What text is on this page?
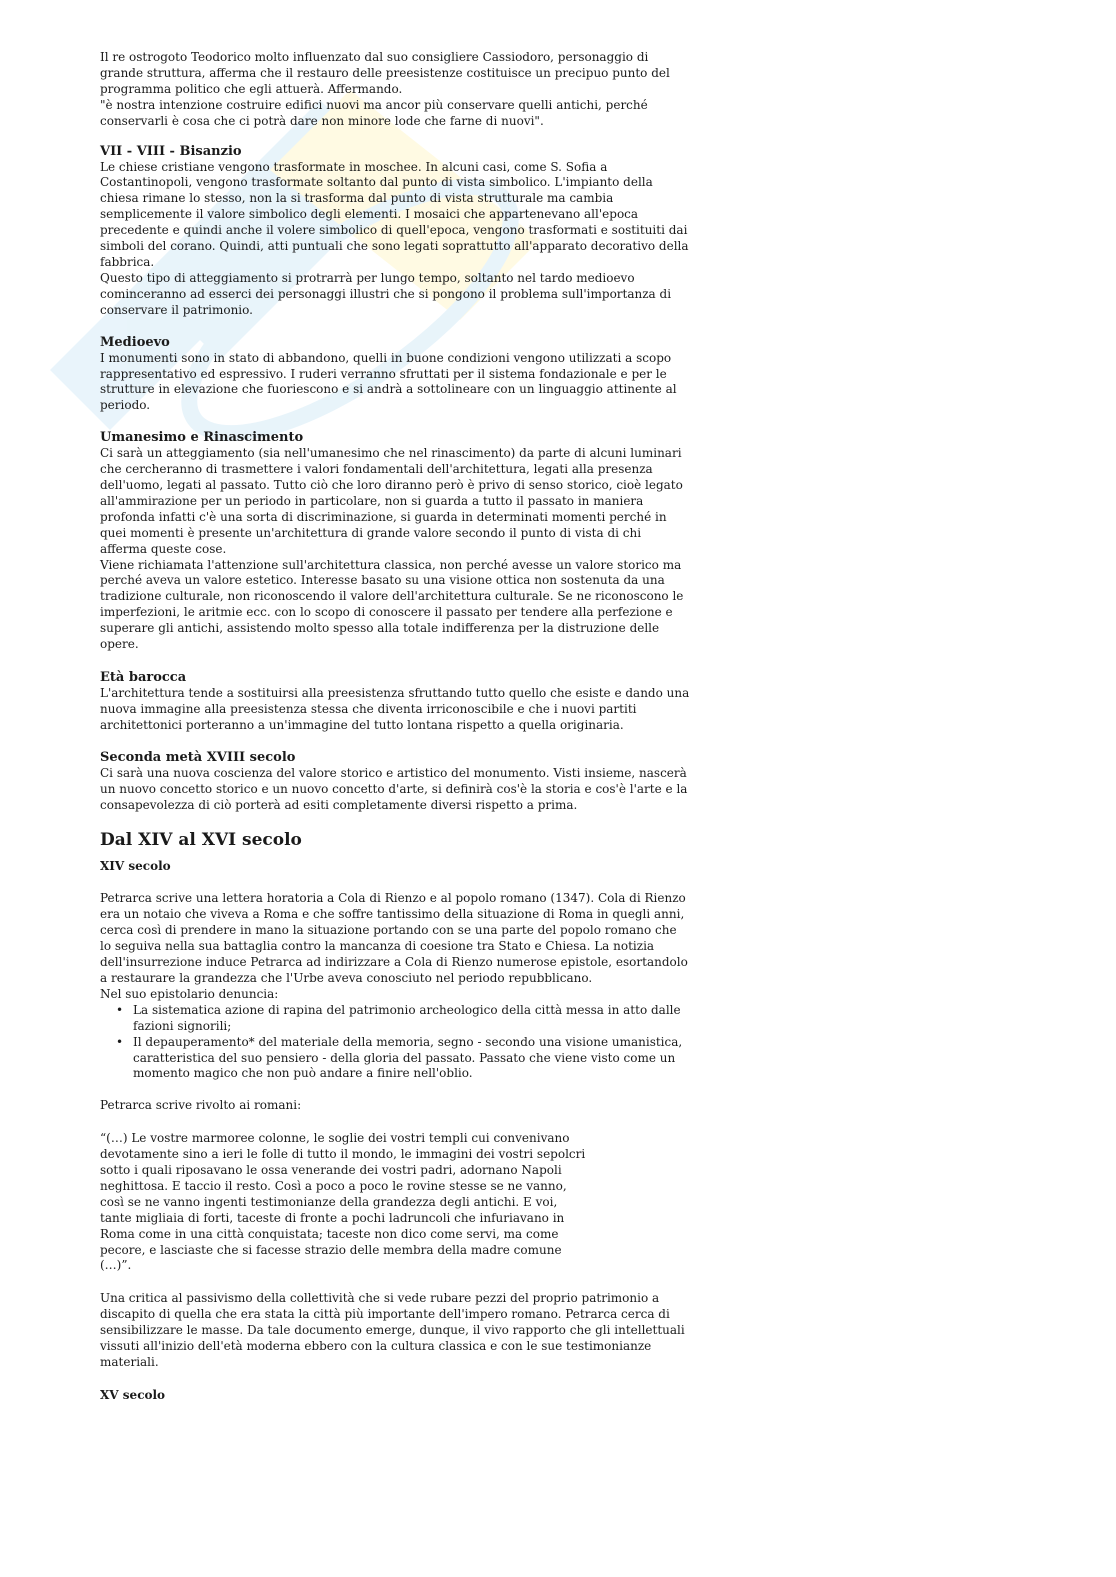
Il re ostrogoto Teodorico molto influenzato dal suo consigliere Cassiodoro, personaggio di grande struttura, afferma che il restauro delle preesistenze costituisce un precipuo punto del programma politico che egli attuerà. Affermando.

"è nostra intenzione costruire edifici nuovi ma ancor più conservare quelli antichi, perché conservarli è cosa che ci potrà dare non minore lode che farne di nuovi".

VII - VIII - Bisanzio

Le chiese cristiane vengono trasformate in moschee. In alcuni casi, come S. Sofia a Costantinopoli, vengono trasformate soltanto dal punto di vista simbolico. L'impianto della chiesa rimane lo stesso, non la si trasforma dal punto di vista strutturale ma cambia semplicemente il valore simbolico degli elementi. I mosaici che appartenevano all'epoca precedente e quindi anche il volere simbolico di quell'epoca, vengono trasformati e sostituiti dai simboli del corano. Quindi, atti puntuali che sono legati soprattutto all'apparato decorativo della fabbrica.

Questo tipo di atteggiamento si protrarrà per lungo tempo, soltanto nel tardo medioevo cominceranno ad esserci dei personaggi illustri che si pongono il problema sull'importanza di conservare il patrimonio.

Medioevo

I monumenti sono in stato di abbandono, quelli in buone condizioni vengono utilizzati a scopo rappresentativo ed espressivo. I ruderi verranno sfruttati per il sistema fondazionale e per le strutture in elevazione che fuoriescono e si andrà a sottolineare con un linguaggio attinente al periodo.

Umanesimo e Rinascimento

Ci sarà un atteggiamento (sia nell'umanesimo che nel rinascimento) da parte di alcuni luminari che cercheranno di trasmettere i valori fondamentali dell'architettura, legati alla presenza dell'uomo, legati al passato. Tutto ciò che loro diranno però è privo di senso storico, cioè legato all'ammirazione per un periodo in particolare, non si guarda a tutto il passato in maniera profonda infatti c'è una sorta di discriminazione, si guarda in determinati momenti perché in quei momenti è presente un'architettura di grande valore secondo il punto di vista di chi afferma queste cose.

Viene richiamata l'attenzione sull'architettura classica, non perché avesse un valore storico ma perché aveva un valore estetico. Interesse basato su una visione ottica non sostenuta da una tradizione culturale, non riconoscendo il valore dell'architettura culturale. Se ne riconoscono le imperfezioni, le aritmie ecc. con lo scopo di conoscere il passato per tendere alla perfezione e superare gli antichi, assistendo molto spesso alla totale indifferenza per la distruzione delle opere.

Età barocca

L'architettura tende a sostituirsi alla preesistenza sfruttando tutto quello che esiste e dando una nuova immagine alla preesistenza stessa che diventa irriconoscibile e che i nuovi partiti architettonici porteranno a un'immagine del tutto lontana rispetto a quella originaria.

Seconda metà XVIII secolo

Ci sarà una nuova coscienza del valore storico e artistico del monumento. Visti insieme, nascerà un nuovo concetto storico e un nuovo concetto d'arte, si definirà cos'è la storia e cos'è l'arte e la consapevolezza di ciò porterà ad esiti completamente diversi rispetto a prima.

Dal XIV al XVI secolo

XIV secolo

Petrarca scrive una lettera horatoria a Cola di Rienzo e al popolo romano (1347). Cola di Rienzo era un notaio che viveva a Roma e che soffre tantissimo della situazione di Roma in quegli anni, cerca così di prendere in mano la situazione portando con se una parte del popolo romano che lo seguiva nella sua battaglia contro la mancanza di coesione tra Stato e Chiesa. La notizia dell'insurrezione induce Petrarca ad indirizzare a Cola di Rienzo numerose epistole, esortandolo a restaurare la grandezza che l'Urbe aveva conosciuto nel periodo repubblicano.

Nel suo epistolario denuncia:

• La sistematica azione di rapina del patrimonio archeologico della città messa in atto dalle fazioni signorili;
• Il depauperamento* del materiale della memoria, segno - secondo una visione umanistica, caratteristica del suo pensiero - della gloria del passato. Passato che viene visto come un momento magico che non può andare a finire nell'oblio.

Petrarca scrive rivolto ai romani:

“(…) Le vostre marmoree colonne, le soglie dei vostri templi cui convenivano devotamente sino a ieri le folle di tutto il mondo, le immagini dei vostri sepolcri sotto i quali riposavano le ossa venerande dei vostri padri, adornano Napoli neghittosa. E taccio il resto. Così a poco a poco le rovine stesse se ne vanno, così se ne vanno ingenti testimonianze della grandezza degli antichi. E voi, tante migliaia di forti, taceste di fronte a pochi ladruncoli che infuriavano in Roma come in una città conquistata; taceste non dico come servi, ma come pecore, e lasciaste che si facesse strazio delle membra della madre comune (…)”.

Una critica al passivismo della collettività che si vede rubare pezzi del proprio patrimonio a discapito di quella che era stata la città più importante dell'impero romano. Petrarca cerca di sensibilizzare le masse. Da tale documento emerge, dunque, il vivo rapporto che gli intellettuali vissuti all'inizio dell'età moderna ebbero con la cultura classica e con le sue testimonianze materiali.

XV secolo
